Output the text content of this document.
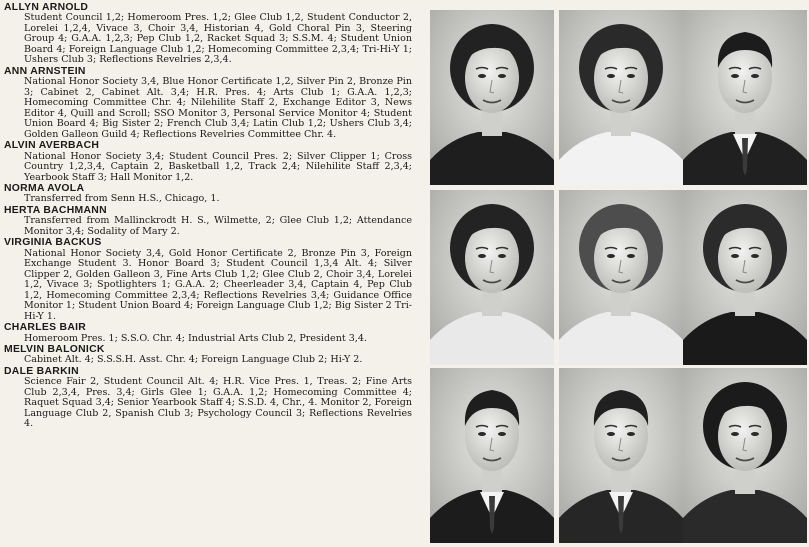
ALLYN ARNOLD
Student Council 1,2; Homeroom Pres. 1,2; Glee Club 1,2, Student Conductor 2, Lorelei 1,2,4, Vivace 3, Choir 3,4, Historian 4, Gold Choral Pin 3, Steering Group 4; G.A.A. 1,2,3; Pep Club 1,2, Racket Squad 3; S.S.M. 4; Student Union Board 4; Foreign Language Club 1,2; Homecoming Committee 2,3,4; Tri-Hi-Y 1; Ushers Club 3; Reflections Revelries 2,3,4.
ANN ARNSTEIN
National Honor Society 3,4, Blue Honor Certificate 1,2, Silver Pin 2, Bronze Pin 3; Cabinet 2, Cabinet Alt. 3,4; H.R. Pres. 4; Arts Club 1; G.A.A. 1,2,3; Homecoming Committee Chr. 4; Nilehilite Staff 2, Exchange Editor 3, News Editor 4, Quill and Scroll; SSO Monitor 3, Personal Service Monitor 4; Student Union Board 4; Big Sister 2; French Club 3,4; Latin Club 1,2; Ushers Club 3,4; Golden Galleon Guild 4; Reflections Revelries Committee Chr. 4.
ALVIN AVERBACH
National Honor Society 3,4; Student Council Pres. 2; Silver Clipper 1; Cross Country 1,2,3,4, Captain 2, Basketball 1,2, Track 2,4; Nilehilite Staff 2,3,4; Yearbook Staff 3; Hall Monitor 1,2.
NORMA AVOLA
Transferred from Senn H.S., Chicago, 1.
HERTA BACHMANN
Transferred from Mallinckrodt H. S., Wilmette, 2; Glee Club 1,2; Attendance Monitor 3,4; Sodality of Mary 2.
VIRGINIA BACKUS
National Honor Society 3,4, Gold Honor Certificate 2, Bronze Pin 3, Foreign Exchange Student 3. Honor Board 3; Student Council 1,3,4 Alt. 4; Silver Clipper 2, Golden Galleon 3, Fine Arts Club 1,2; Glee Club 2, Choir 3,4, Lorelei 1,2, Vivace 3; Spotlighters 1; G.A.A. 2; Cheerleader 3,4, Captain 4, Pep Club 1,2, Homecoming Committee 2,3,4; Reflections Revelries 3,4; Guidance Office Monitor 1; Student Union Board 4; Foreign Language Club 1,2; Big Sister 2 Tri-Hi-Y 1.
CHARLES BAIR
Homeroom Pres. 1; S.S.O. Chr. 4; Industrial Arts Club 2, President 3,4.
MELVIN BALONICK
Cabinet Alt. 4; S.S.S.H. Asst. Chr. 4; Foreign Language Club 2; Hi-Y 2.
DALE BARKIN
Science Fair 2, Student Council Alt. 4; H.R. Vice Pres. 1, Treas. 2; Fine Arts Club 2,3,4, Pres. 3,4; Girls Glee 1; G.A.A. 1,2; Homecoming Committee 4; Raquet Squad 3,4; Senior Yearbook Staff 4; S.S.D. 4, Chr., 4. Monitor 2, Foreign Language Club 2, Spanish Club 3; Psychology Council 3; Reflections Revelries 4.
